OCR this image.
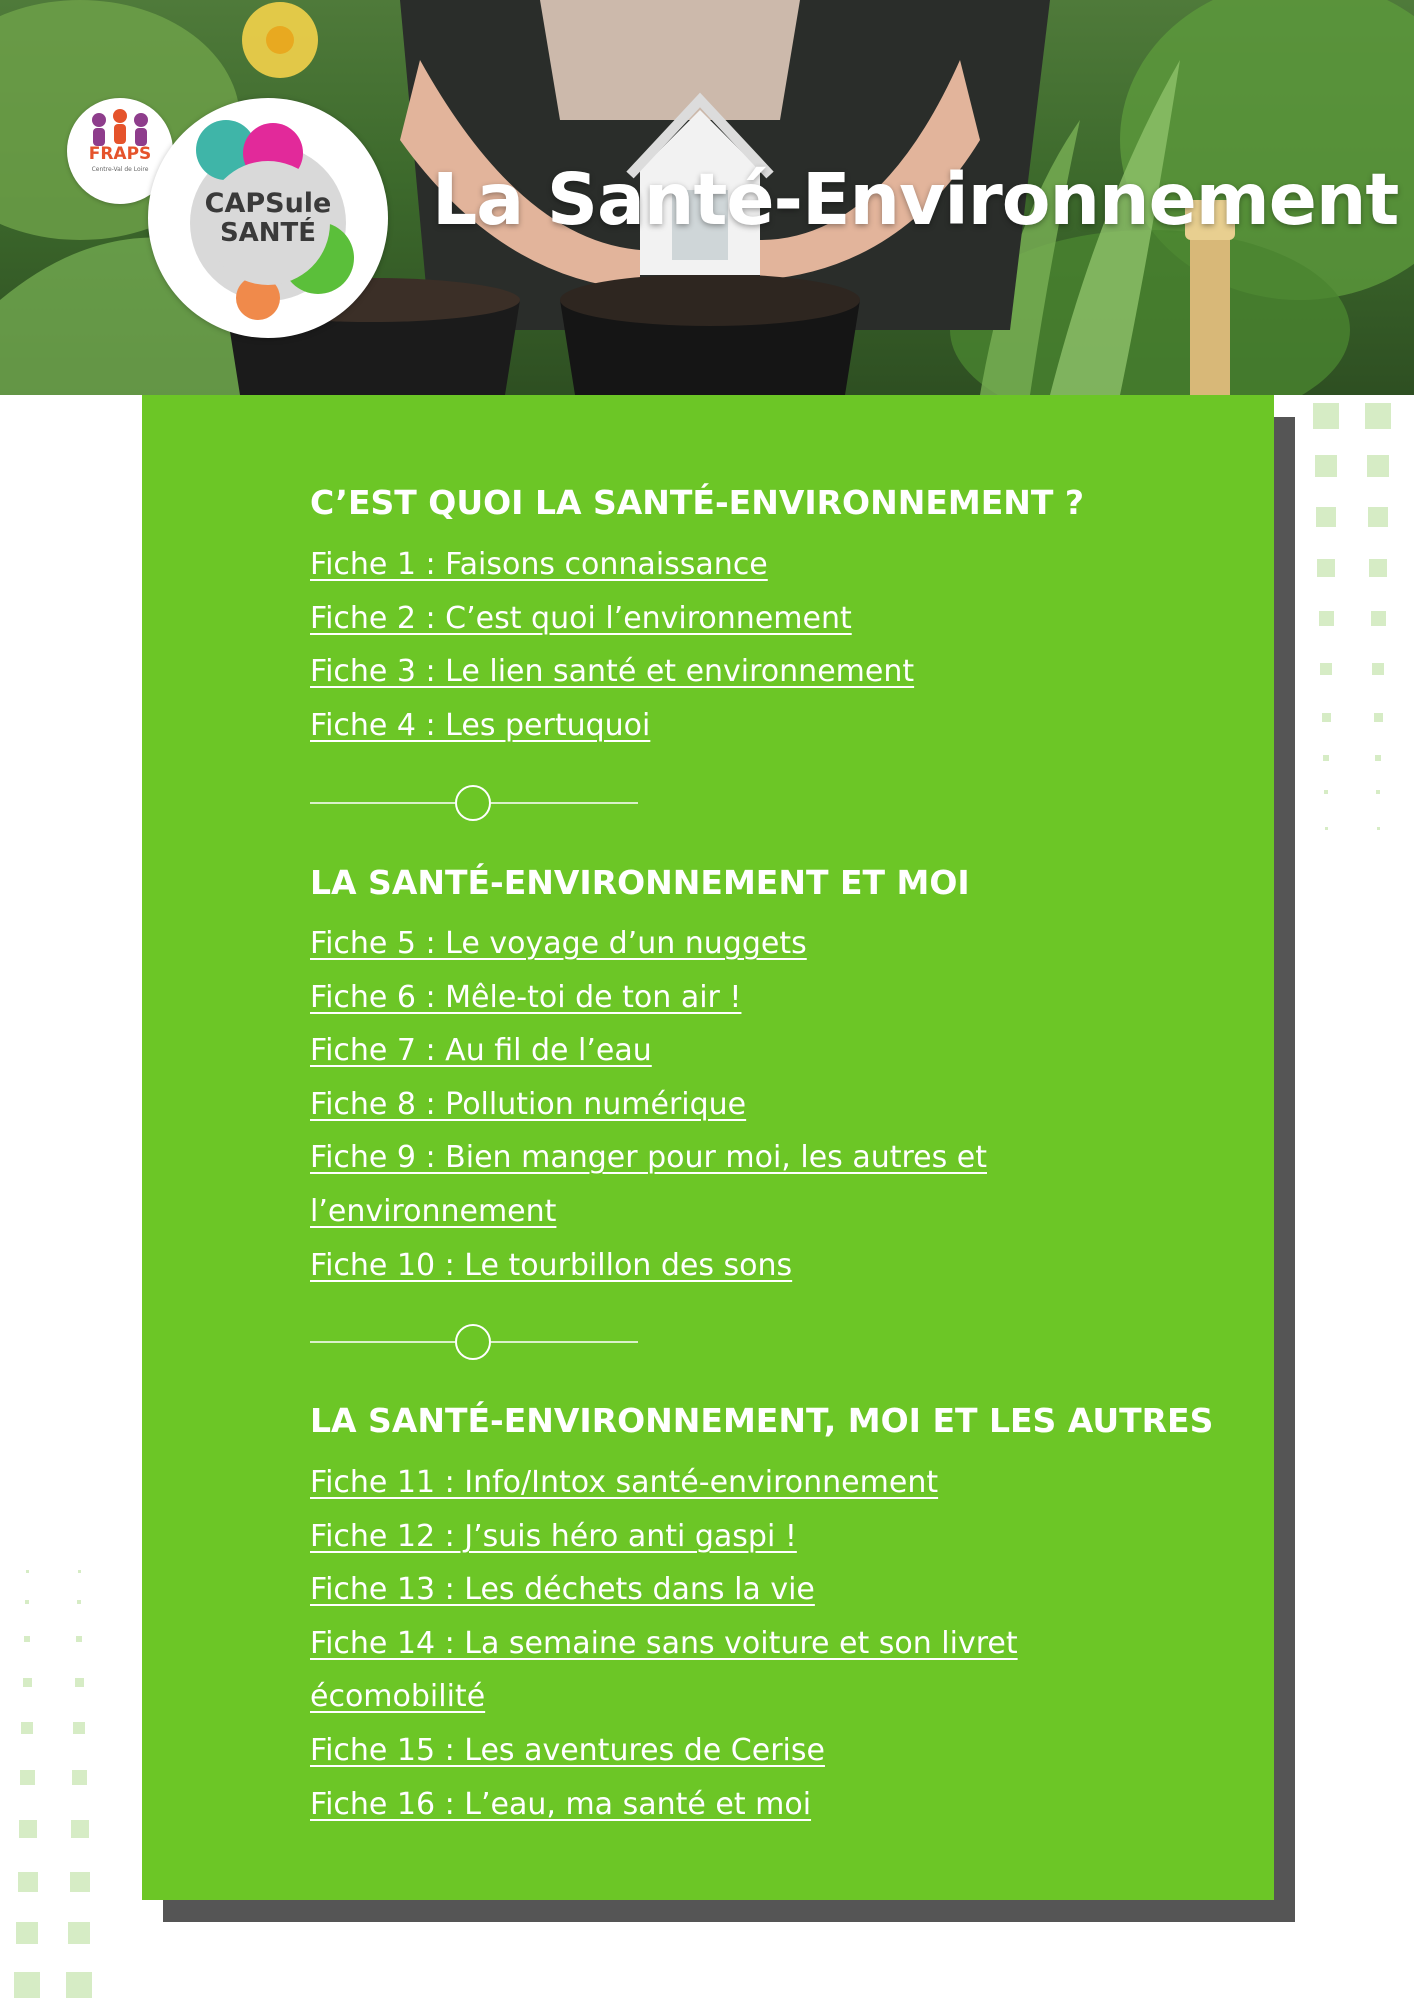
FRAPS
Centre-Val de Loire
CAPSule
SANTÉ	La Santé-Environnement
C’EST QUOI LA SANTÉ-ENVIRONNEMENT ?
Fiche 1 : Faisons connaissance
Fiche 2 : C’est quoi l’environnement
Fiche 3 : Le lien santé et environnement
Fiche 4 : Les pertuquoi
LA SANTÉ-ENVIRONNEMENT ET MOI
Fiche 5 : Le voyage d’un nuggets
Fiche 6 : Mêle-toi de ton air !
Fiche 7 : Au fil de l’eau
Fiche 8 : Pollution numérique
Fiche 9 : Bien manger pour moi, les autres et
l’environnement
Fiche 10 : Le tourbillon des sons
LA SANTÉ-ENVIRONNEMENT, MOI ET LES AUTRES
Fiche 11 : Info/Intox santé-environnement
Fiche 12 : J’suis héro anti gaspi !
Fiche 13 : Les déchets dans la vie
Fiche 14 : La semaine sans voiture et son livret
écomobilité
Fiche 15 : Les aventures de Cerise
Fiche 16 : L’eau, ma santé et moi
